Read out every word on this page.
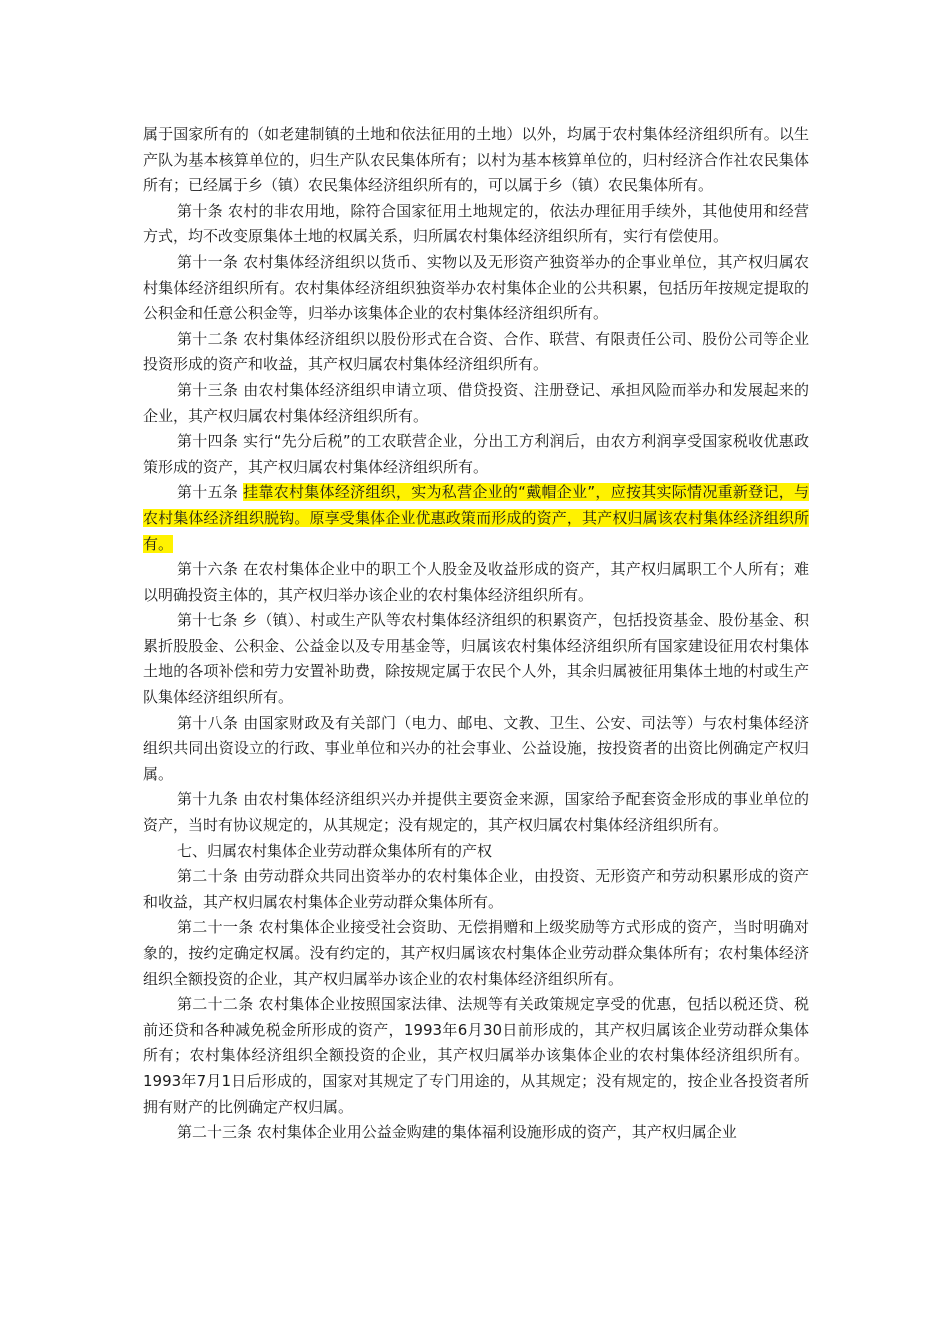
属于国家所有的（如老建制镇的土地和依法征用的土地）以外，均属于农村集体经济组织所有。以生产队为基本核算单位的，归生产队农民集体所有；以村为基本核算单位的，归村经济合作社农民集体所有；已经属于乡（镇）农民集体经济组织所有的，可以属于乡（镇）农民集体所有。

第十条 农村的非农用地，除符合国家征用土地规定的，依法办理征用手续外，其他使用和经营方式，均不改变原集体土地的权属关系，归所属农村集体经济组织所有，实行有偿使用。

第十一条 农村集体经济组织以货币、实物以及无形资产独资举办的企事业单位，其产权归属农村集体经济组织所有。农村集体经济组织独资举办农村集体企业的公共积累，包括历年按规定提取的公积金和任意公积金等，归举办该集体企业的农村集体经济组织所有。

第十二条 农村集体经济组织以股份形式在合资、合作、联营、有限责任公司、股份公司等企业投资形成的资产和收益，其产权归属农村集体经济组织所有。

第十三条 由农村集体经济组织申请立项、借贷投资、注册登记、承担风险而举办和发展起来的企业，其产权归属农村集体经济组织所有。

第十四条 实行“先分后税”的工农联营企业，分出工方利润后，由农方利润享受国家税收优惠政策形成的资产，其产权归属农村集体经济组织所有。

第十五条 挂靠农村集体经济组织，实为私营企业的“戴帽企业”，应按其实际情况重新登记，与农村集体经济组织脱钩。原享受集体企业优惠政策而形成的资产，其产权归属该农村集体经济组织所有。

第十六条 在农村集体企业中的职工个人股金及收益形成的资产，其产权归属职工个人所有；难以明确投资主体的，其产权归举办该企业的农村集体经济组织所有。

第十七条 乡（镇）、村或生产队等农村集体经济组织的积累资产，包括投资基金、股份基金、积累折股股金、公积金、公益金以及专用基金等，归属该农村集体经济组织所有国家建设征用农村集体土地的各项补偿和劳力安置补助费，除按规定属于农民个人外，其余归属被征用集体土地的村或生产队集体经济组织所有。

第十八条 由国家财政及有关部门（电力、邮电、文教、卫生、公安、司法等）与农村集体经济组织共同出资设立的行政、事业单位和兴办的社会事业、公益设施，按投资者的出资比例确定产权归属。

第十九条 由农村集体经济组织兴办并提供主要资金来源，国家给予配套资金形成的事业单位的资产，当时有协议规定的，从其规定；没有规定的，其产权归属农村集体经济组织所有。

七、归属农村集体企业劳动群众集体所有的产权

第二十条 由劳动群众共同出资举办的农村集体企业，由投资、无形资产和劳动积累形成的资产和收益，其产权归属农村集体企业劳动群众集体所有。

第二十一条 农村集体企业接受社会资助、无偿捐赠和上级奖励等方式形成的资产，当时明确对象的，按约定确定权属。没有约定的，其产权归属该农村集体企业劳动群众集体所有；农村集体经济组织全额投资的企业，其产权归属举办该企业的农村集体经济组织所有。

第二十二条 农村集体企业按照国家法律、法规等有关政策规定享受的优惠，包括以税还贷、税前还贷和各种减免税金所形成的资产，1993年6月30日前形成的，其产权归属该企业劳动群众集体所有；农村集体经济组织全额投资的企业，其产权归属举办该集体企业的农村集体经济组织所有。1993年7月1日后形成的，国家对其规定了专门用途的，从其规定；没有规定的，按企业各投资者所拥有财产的比例确定产权归属。

第二十三条 农村集体企业用公益金购建的集体福利设施形成的资产，其产权归属企业
